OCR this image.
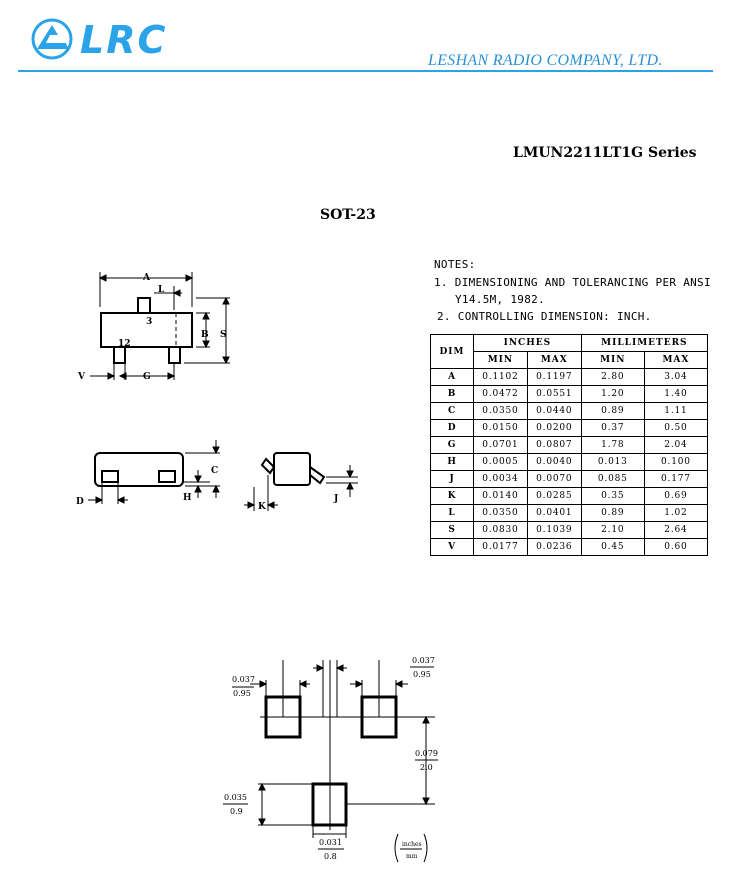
LRC	LESHAN RADIO COMPANY, LTD.
LMUN2211LT1G Series
SOT-23
NOTES:
1. DIMENSIONING AND TOLERANCING PER ANSI
Y14.5M, 1982.
2. CONTROLLING DIMENSION: INCH.
DIM	INCHES		MILLIMETERS	
	MIN	MAX	MIN	MAX
A	0.1102	0.1197	2.80	3.04
B	0.0472	0.0551	1.20	1.40
C	0.0350	0.0440	0.89	1.11
D	0.0150	0.0200	0.37	0.50
G	0.0701	0.0807	1.78	2.04
H	0.0005	0.0040	0.013	0.100
J	0.0034	0.0070	0.085	0.177
K	0.0140	0.0285	0.35	0.69
L	0.0350	0.0401	0.89	1.02
S	0.0830	0.1039	2.10	2.64
V	0.0177	0.0236	0.45	0.60
A
L
3
12
B S
V	G
C
H
D	K
J
0.037
0.95
0.037
0.95
0.079
2.0
0.035
0.9
0.031
0.8
inches
mm
